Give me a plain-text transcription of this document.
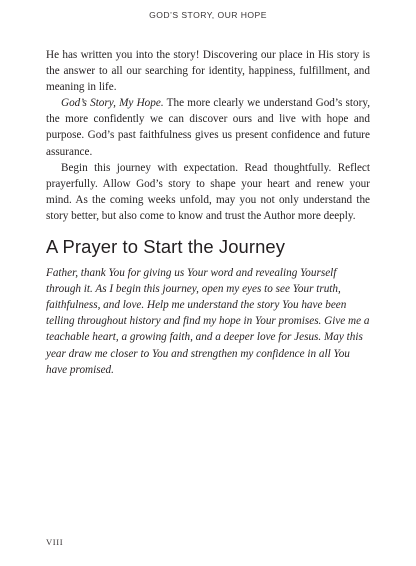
GOD’S STORY, OUR HOPE

He has written you into the story! Discovering our place in His story is the answer to all our searching for identity, happiness, fulfillment, and meaning in life.

God’s Story, My Hope. The more clearly we understand God’s story, the more confidently we can discover ours and live with hope and purpose. God’s past faithfulness gives us present confidence and future assurance.

Begin this journey with expectation. Read thoughtfully. Reflect prayerfully. Allow God’s story to shape your heart and renew your mind. As the coming weeks unfold, may you not only understand the story better, but also come to know and trust the Author more deeply.

A Prayer to Start the Journey

Father, thank You for giving us Your word and revealing Yourself through it. As I begin this journey, open my eyes to see Your truth, faithfulness, and love. Help me understand the story You have been telling throughout history and find my hope in Your promises. Give me a teachable heart, a growing faith, and a deeper love for Jesus. May this year draw me closer to You and strengthen my confidence in all You have promised.

VIII
